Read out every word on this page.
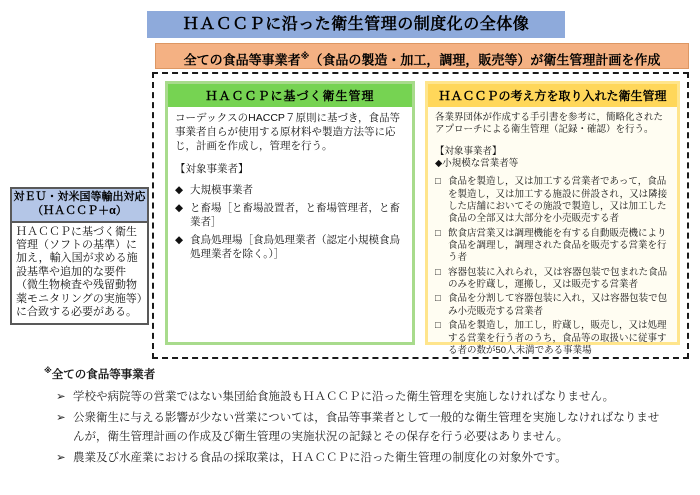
ＨＡＣＣＰに沿った衛生管理の制度化の全体像
全ての食品等事業者※（食品の製造・加工，調理，販売等）が衛生管理計画を作成
ＨＡＣＣＰに基づく衛生管理

コーデックスのHACCP７原則に基づき，食品等事業者自らが使用する原材料や製造方法等に応じ，計画を作成し，管理を行う。

【対象事業者】

◆ 大規模事業者
◆ と畜場［と畜場設置者，と畜場管理者，と畜業者］
◆ 食鳥処理場［食鳥処理業者（認定小規模食鳥処理業者を除く。）］
ＨＡＣＣＰの考え方を取り入れた衛生管理

各業界団体が作成する手引書を参考に，簡略化されたアプローチによる衛生管理（記録・確認）を行う。

【対象事業者】

◆小規模な営業者等

□ 食品を製造し，又は加工する営業者であって，食品を製造し，又は加工する施設に併設され，又は隣接した店舗においてその施設で製造し，又は加工した食品の全部又は大部分を小売販売する者
□ 飲食店営業又は調理機能を有する自動販売機により食品を調理し，調理された食品を販売する営業を行う者
□ 容器包装に入れられ，又は容器包装で包まれた食品のみを貯蔵し，運搬し，又は販売する営業者
□ 食品を分割して容器包装に入れ，又は容器包装で包み小売販売する営業者
□ 食品を製造し，加工し，貯蔵し，販売し，又は処理する営業を行う者のうち，食品等の取扱いに従事する者の数が50人未満である事業場
対ＥＵ・対米国等輸出対応
（ＨＡＣＣＰ＋α）
ＨＡＣＣＰに基づく衛生管理（ソフトの基準）に加え，輸入国が求める施設基準や追加的な要件（微生物検査や残留動物薬モニタリングの実施等）に合致する必要がある。
※全ての食品等事業者
➢ 学校や病院等の営業ではない集団給食施設もＨＡＣＣＰに沿った衛生管理を実施しなければなりません。
➢ 公衆衛生に与える影響が少ない営業については，食品等事業者として一般的な衛生管理を実施しなければなりませんが，衛生管理計画の作成及び衛生管理の実施状況の記録とその保存を行う必要はありません。
➢ 農業及び水産業における食品の採取業は，ＨＡＣＣＰに沿った衛生管理の制度化の対象外です。
